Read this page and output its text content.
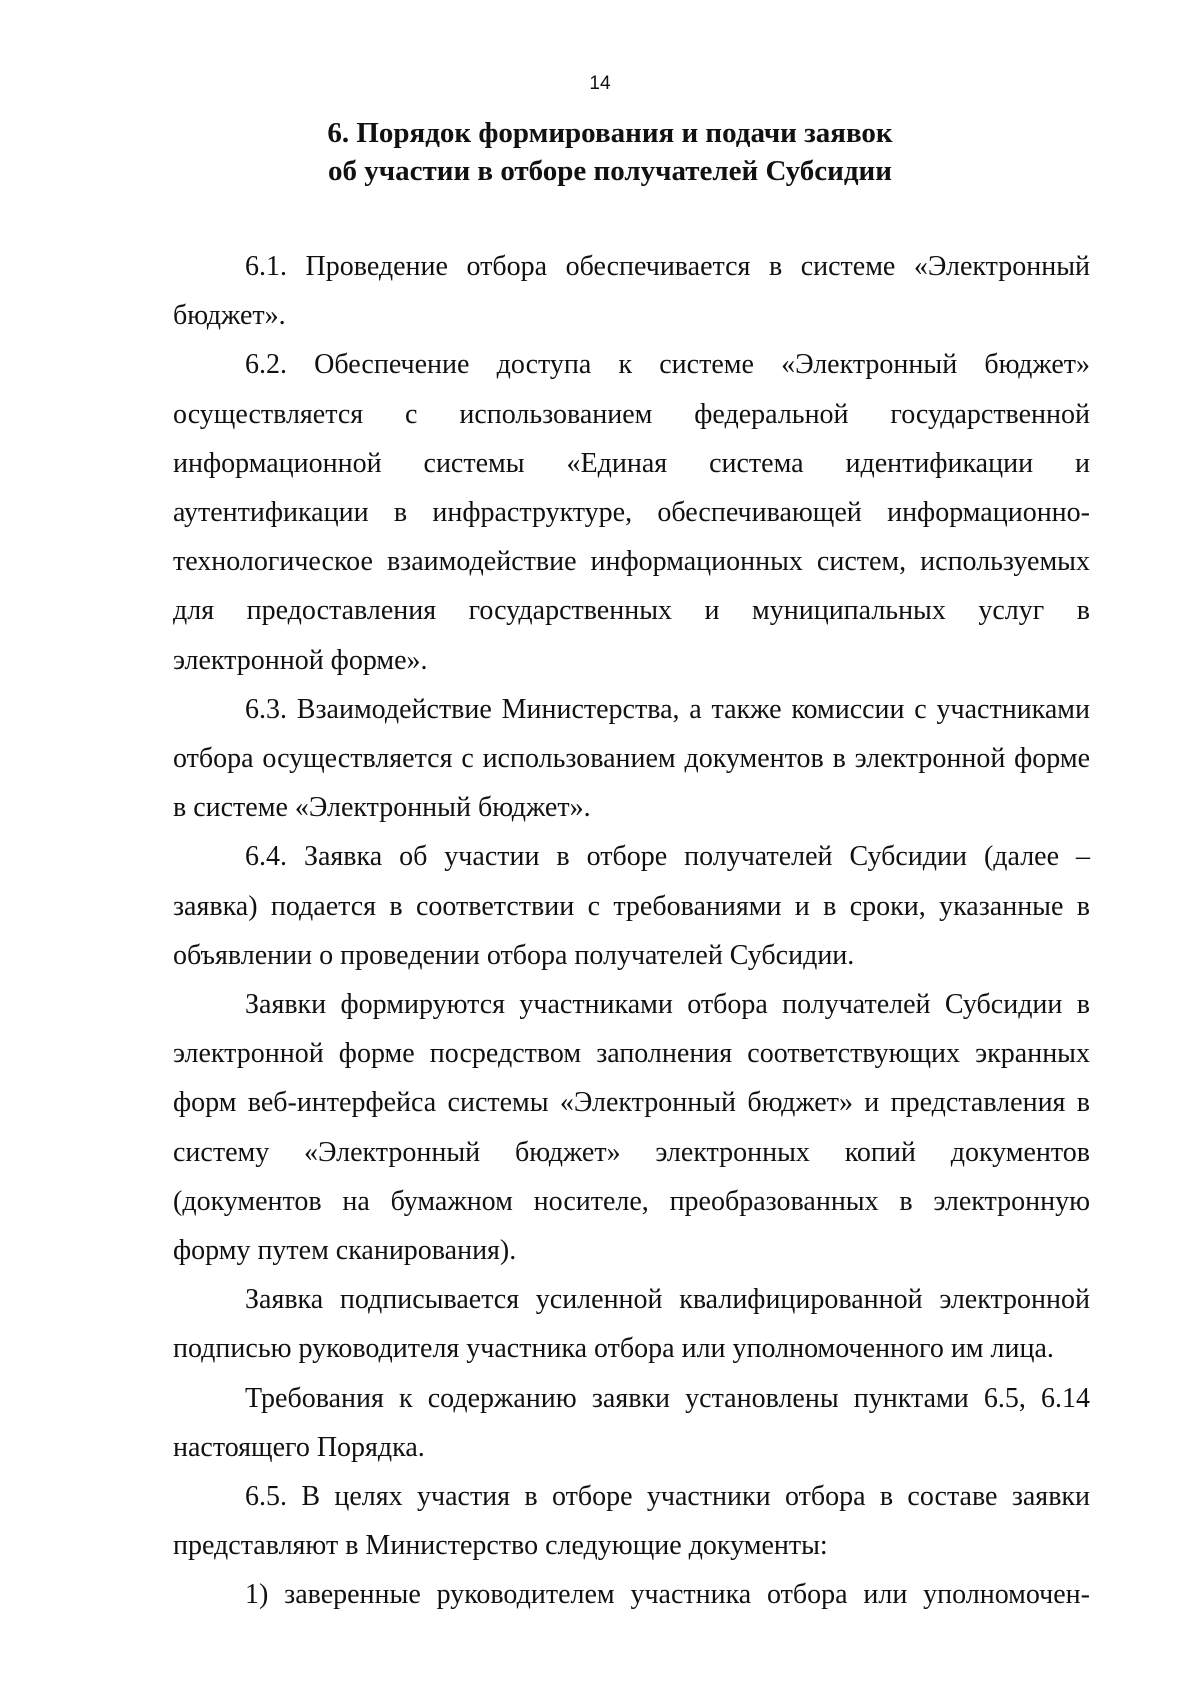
14
6. Порядок формирования и подачи заявок
об участии в отборе получателей Субсидии

6.1. Проведение отбора обеспечивается в системе «Электронный бюджет».

6.2. Обеспечение доступа к системе «Электронный бюджет» осуществляется с использованием федеральной государственной информационной системы «Единая система идентификации и аутентификации в инфраструктуре, обеспечивающей информационно-технологическое взаимодействие информационных систем, используемых для предоставления государственных и муниципальных услуг в электронной форме».

6.3. Взаимодействие Министерства, а также комиссии с участниками отбора осуществляется с использованием документов в электронной форме в системе «Электронный бюджет».

6.4. Заявка об участии в отборе получателей Субсидии (далее – заявка) подается в соответствии с требованиями и в сроки, указанные в объявлении о проведении отбора получателей Субсидии.

Заявки формируются участниками отбора получателей Субсидии в электронной форме посредством заполнения соответствующих экранных форм веб-интерфейса системы «Электронный бюджет» и представления в систему «Электронный бюджет» электронных копий документов (документов на бумажном носителе, преобразованных в электронную форму путем сканирования).

Заявка подписывается усиленной квалифицированной электронной подписью руководителя участника отбора или уполномоченного им лица.

Требования к содержанию заявки установлены пунктами 6.5, 6.14 настоящего Порядка.

6.5. В целях участия в отборе участники отбора в составе заявки представляют в Министерство следующие документы:

1) заверенные руководителем участника отбора или уполномочен-
